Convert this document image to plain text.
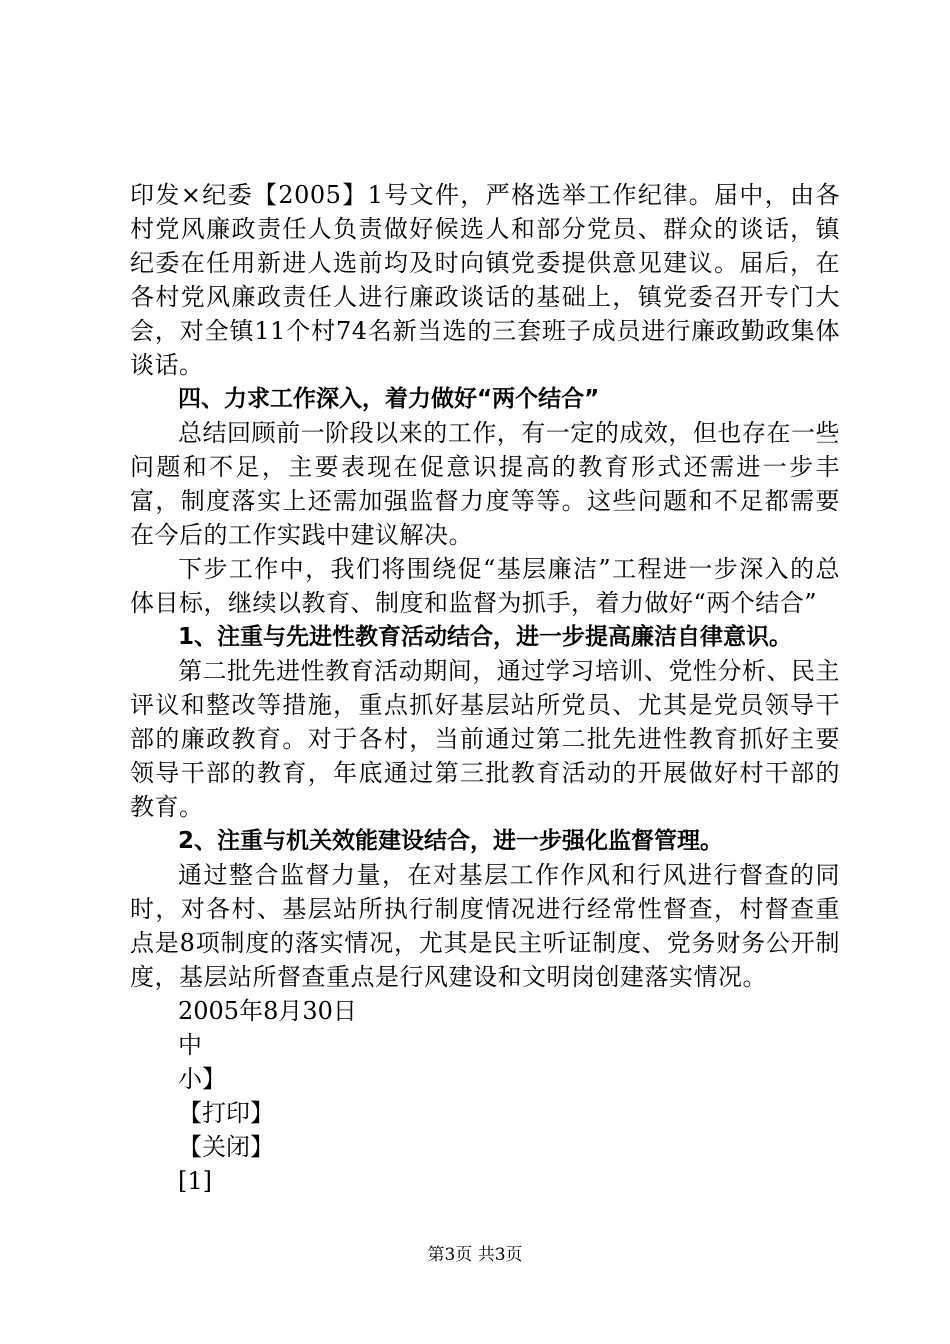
印发×纪委【2005】1号文件，严格选举工作纪律。届中，由各村党风廉政责任人负责做好候选人和部分党员、群众的谈话，镇纪委在任用新进人选前均及时向镇党委提供意见建议。届后，在各村党风廉政责任人进行廉政谈话的基础上，镇党委召开专门大会，对全镇11个村74名新当选的三套班子成员进行廉政勤政集体谈话。

四、力求工作深入，着力做好“两个结合”

总结回顾前一阶段以来的工作，有一定的成效，但也存在一些问题和不足，主要表现在促意识提高的教育形式还需进一步丰富，制度落实上还需加强监督力度等等。这些问题和不足都需要在今后的工作实践中建议解决。

下步工作中，我们将围绕促“基层廉洁”工程进一步深入的总体目标，继续以教育、制度和监督为抓手，着力做好“两个结合”

1、注重与先进性教育活动结合，进一步提高廉洁自律意识。

第二批先进性教育活动期间，通过学习培训、党性分析、民主评议和整改等措施，重点抓好基层站所党员、尤其是党员领导干部的廉政教育。对于各村，当前通过第二批先进性教育抓好主要领导干部的教育，年底通过第三批教育活动的开展做好村干部的教育。

2、注重与机关效能建设结合，进一步强化监督管理。

通过整合监督力量，在对基层工作作风和行风进行督查的同时，对各村、基层站所执行制度情况进行经常性督查，村督查重点是8项制度的落实情况，尤其是民主听证制度、党务财务公开制度，基层站所督查重点是行风建设和文明岗创建落实情况。

2005年8月30日

中

小】

【打印】

【关闭】

[1]

第3页 共3页
